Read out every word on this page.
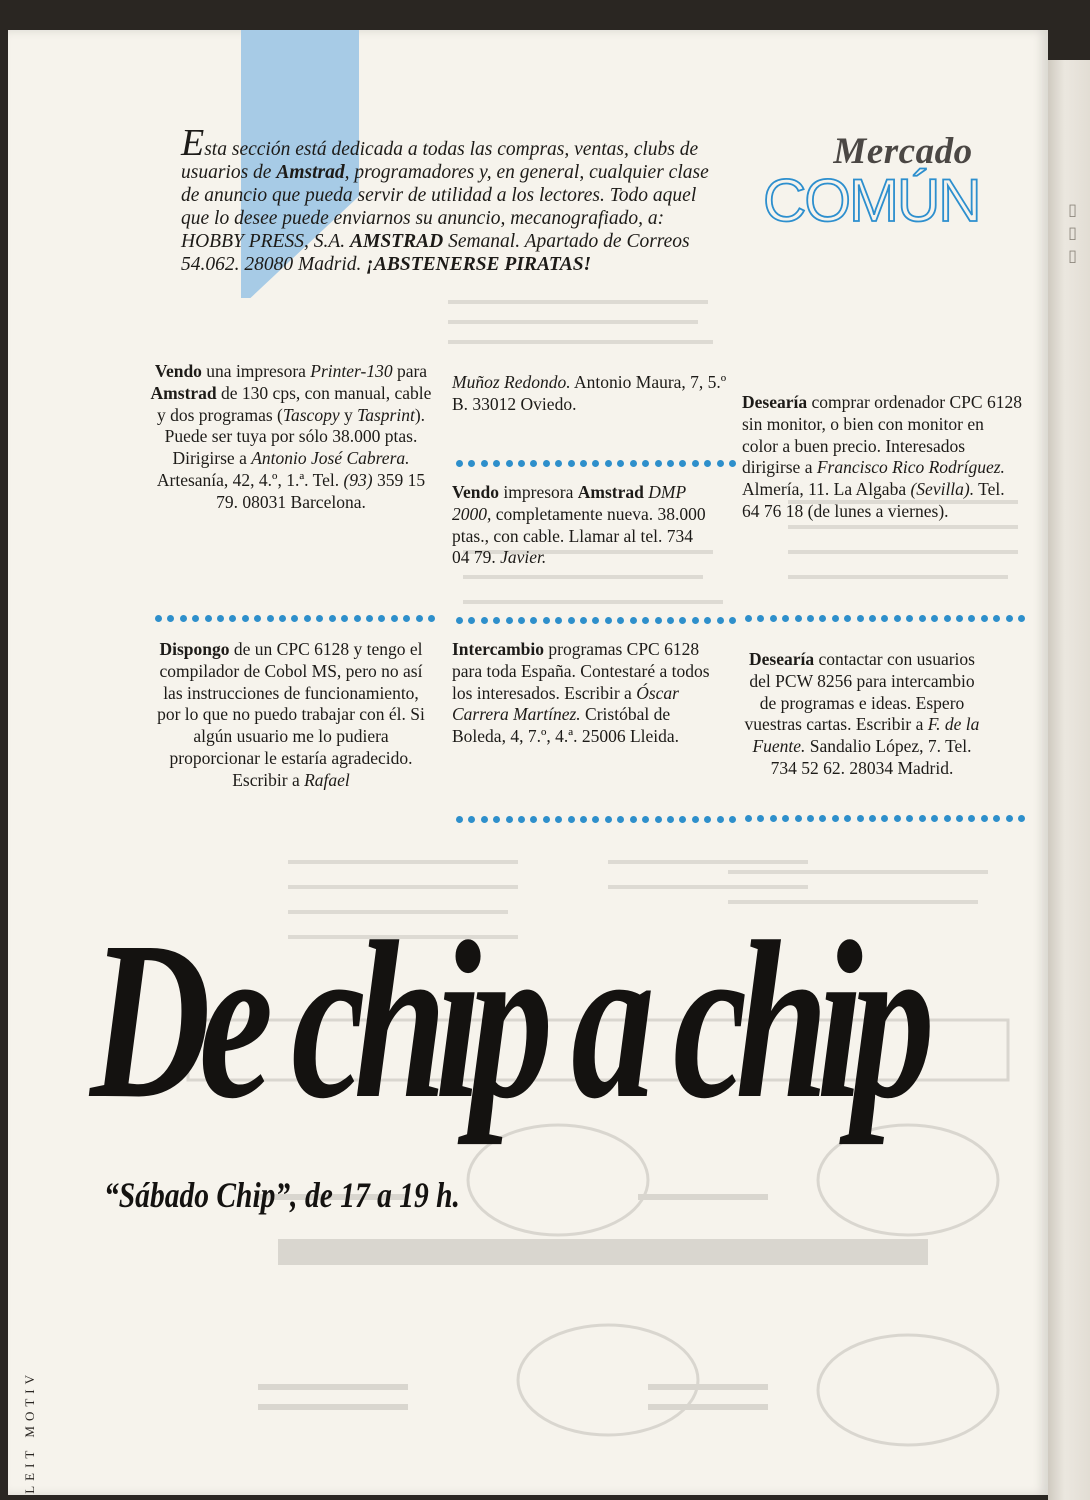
Esta sección está dedicada a todas las compras, ventas, clubs de usuarios de Amstrad, programadores y, en general, cualquier clase de anuncio que pueda servir de utilidad a los lectores. Todo aquel que lo desee puede enviarnos su anuncio, mecanografiado, a: HOBBY PRESS, S.A. AMSTRAD Semanal. Apartado de Correos 54.062. 28080 Madrid. ¡ABSTENERSE PIRATAS!
Mercado
COMÚN
Vendo una impresora Printer-130 para Amstrad de 130 cps, con manual, cable y dos programas (Tascopy y Tasprint). Puede ser tuya por sólo 38.000 ptas. Dirigirse a Antonio José Cabrera. Artesanía, 42, 4.º, 1.ª. Tel. (93) 359 15 79. 08031 Barcelona.
Dispongo de un CPC 6128 y tengo el compilador de Cobol MS, pero no así las instrucciones de funcionamiento, por lo que no puedo trabajar con él. Si algún usuario me lo pudiera proporcionar le estaría agradecido. Escribir a Rafael
Muñoz Redondo. Antonio Maura, 7, 5.º B. 33012 Oviedo.
Vendo impresora Amstrad DMP 2000, completamente nueva. 38.000 ptas., con cable. Llamar al tel. 734 04 79. Javier.
Intercambio programas CPC 6128 para toda España. Contestaré a todos los interesados. Escribir a Óscar Carrera Martínez. Cristóbal de Boleda, 4, 7.º, 4.ª. 25006 Lleida.
Desearía comprar ordenador CPC 6128 sin monitor, o bien con monitor en color a buen precio. Interesados dirigirse a Francisco Rico Rodríguez. Almería, 11. La Algaba (Sevilla). Tel. 64 76 18 (de lunes a viernes).
Desearía contactar con usuarios del PCW 8256 para intercambio de programas e ideas. Espero vuestras cartas. Escribir a F. de la Fuente. Sandalio López, 7. Tel. 734 52 62. 28034 Madrid.
De chip a chip
“Sábado Chip”, de 17 a 19 h.
LEIT MOTIV
▯▯▯
